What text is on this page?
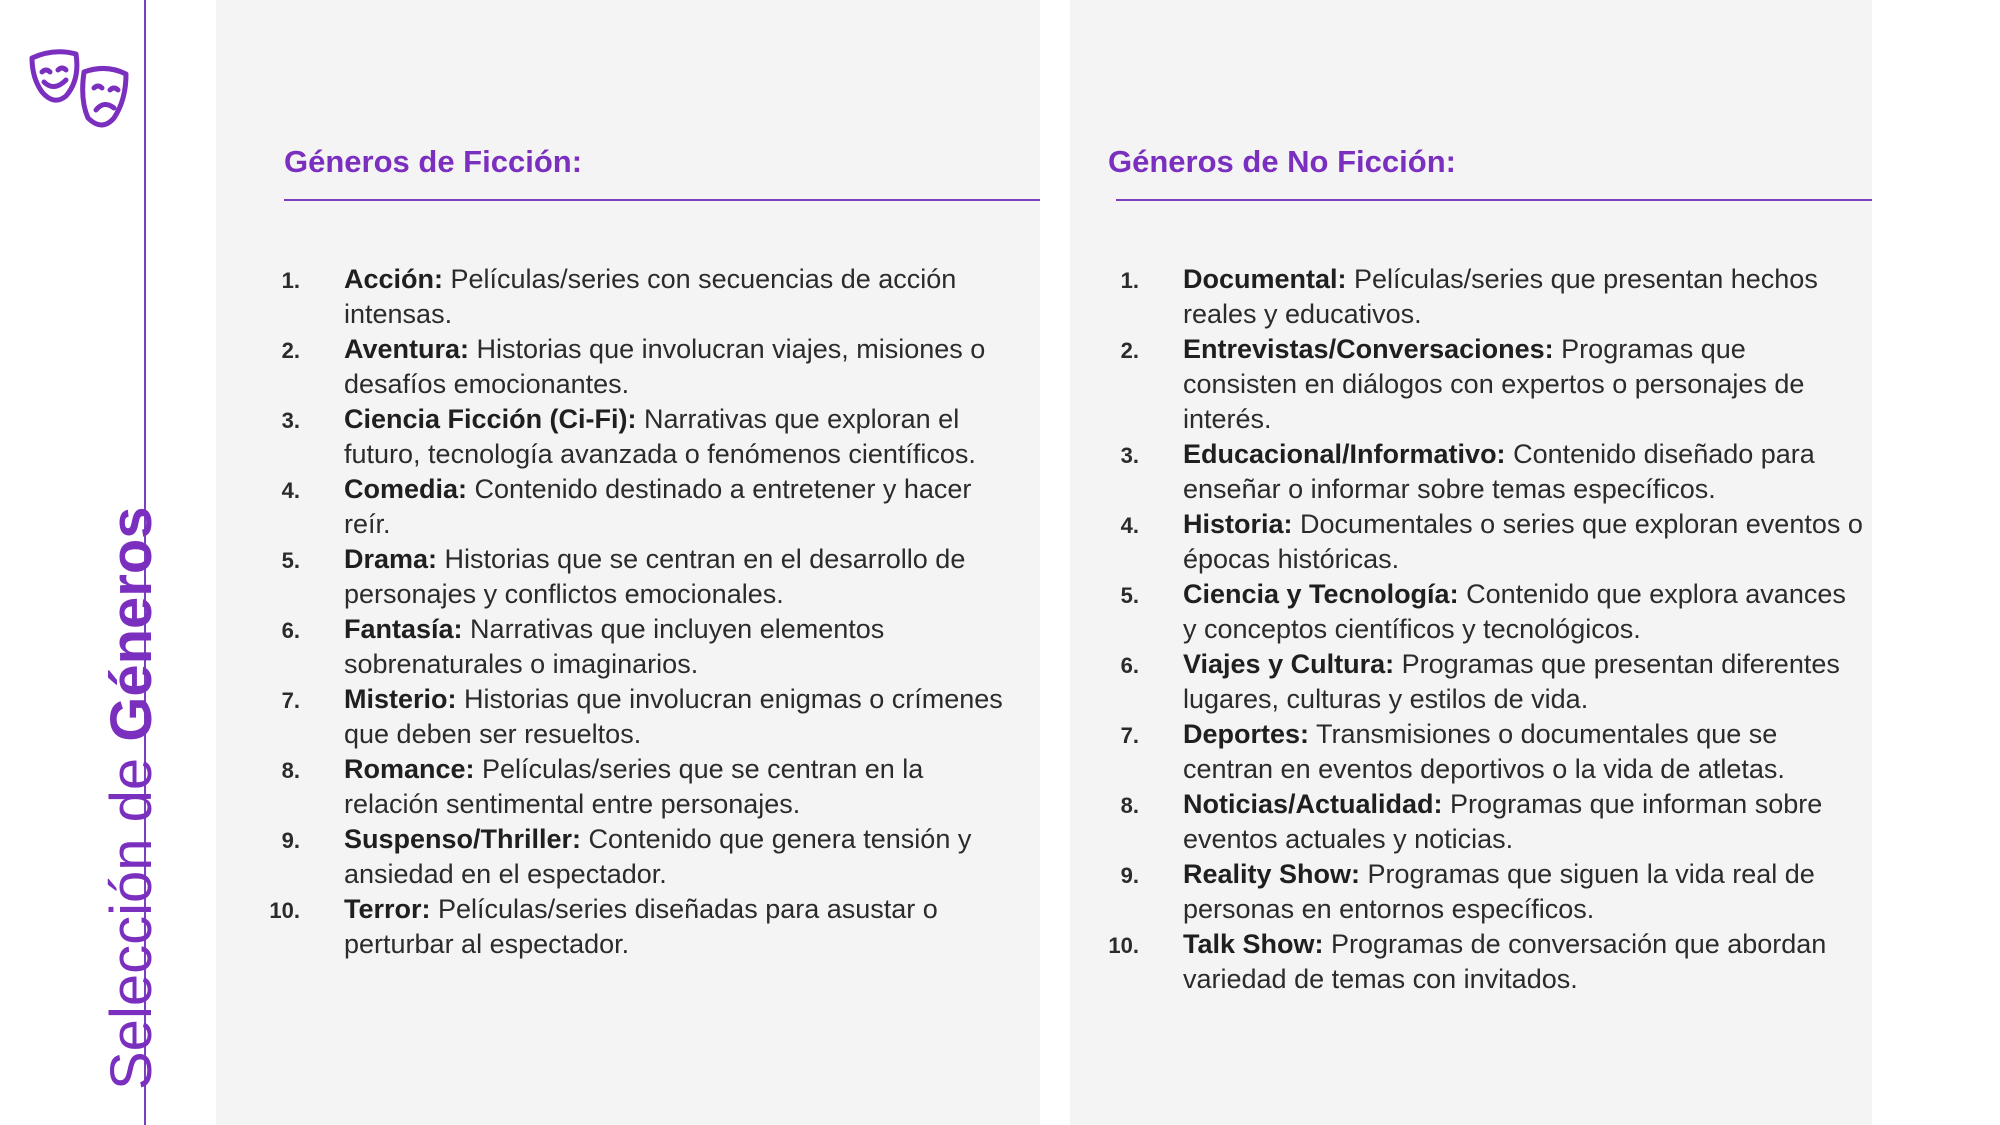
Selección de Géneros
Géneros de Ficción:
1. Acción: Películas/series con secuencias de acción intensas.
2. Aventura: Historias que involucran viajes, misiones o desafíos emocionantes.
3. Ciencia Ficción (Ci-Fi): Narrativas que exploran el futuro, tecnología avanzada o fenómenos científicos.
4. Comedia: Contenido destinado a entretener y hacer reír.
5. Drama: Historias que se centran en el desarrollo de personajes y conflictos emocionales.
6. Fantasía: Narrativas que incluyen elementos sobrenaturales o imaginarios.
7. Misterio: Historias que involucran enigmas o crímenes que deben ser resueltos.
8. Romance: Películas/series que se centran en la relación sentimental entre personajes.
9. Suspenso/Thriller: Contenido que genera tensión y ansiedad en el espectador.
10. Terror: Películas/series diseñadas para asustar o perturbar al espectador.
Géneros de No Ficción:
1. Documental: Películas/series que presentan hechos reales y educativos.
2. Entrevistas/Conversaciones: Programas que consisten en diálogos con expertos o personajes de interés.
3. Educacional/Informativo: Contenido diseñado para enseñar o informar sobre temas específicos.
4. Historia: Documentales o series que exploran eventos o épocas históricas.
5. Ciencia y Tecnología: Contenido que explora avances y conceptos científicos y tecnológicos.
6. Viajes y Cultura: Programas que presentan diferentes lugares, culturas y estilos de vida.
7. Deportes: Transmisiones o documentales que se centran en eventos deportivos o la vida de atletas.
8. Noticias/Actualidad: Programas que informan sobre eventos actuales y noticias.
9. Reality Show: Programas que siguen la vida real de personas en entornos específicos.
10. Talk Show: Programas de conversación que abordan variedad de temas con invitados.
